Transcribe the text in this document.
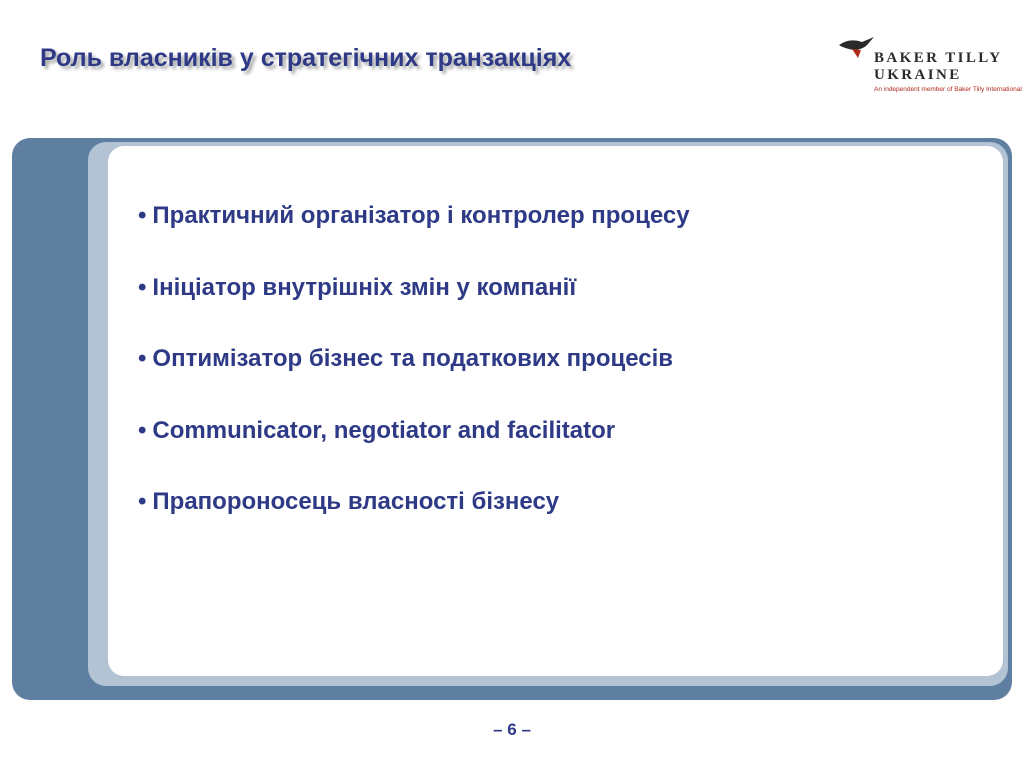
Роль власників у стратегічних транзакціях	BAKER TILLY
UKRAINE
An independent member of Baker Tilly International
• Практичний організатор і контролер процесу
• Ініціатор внутрішніх змін у компанії
• Оптимізатор бізнес та податкових процесів
• Communicator, negotiator and facilitator
• Прапороносець власності бізнесу
– 6 –
